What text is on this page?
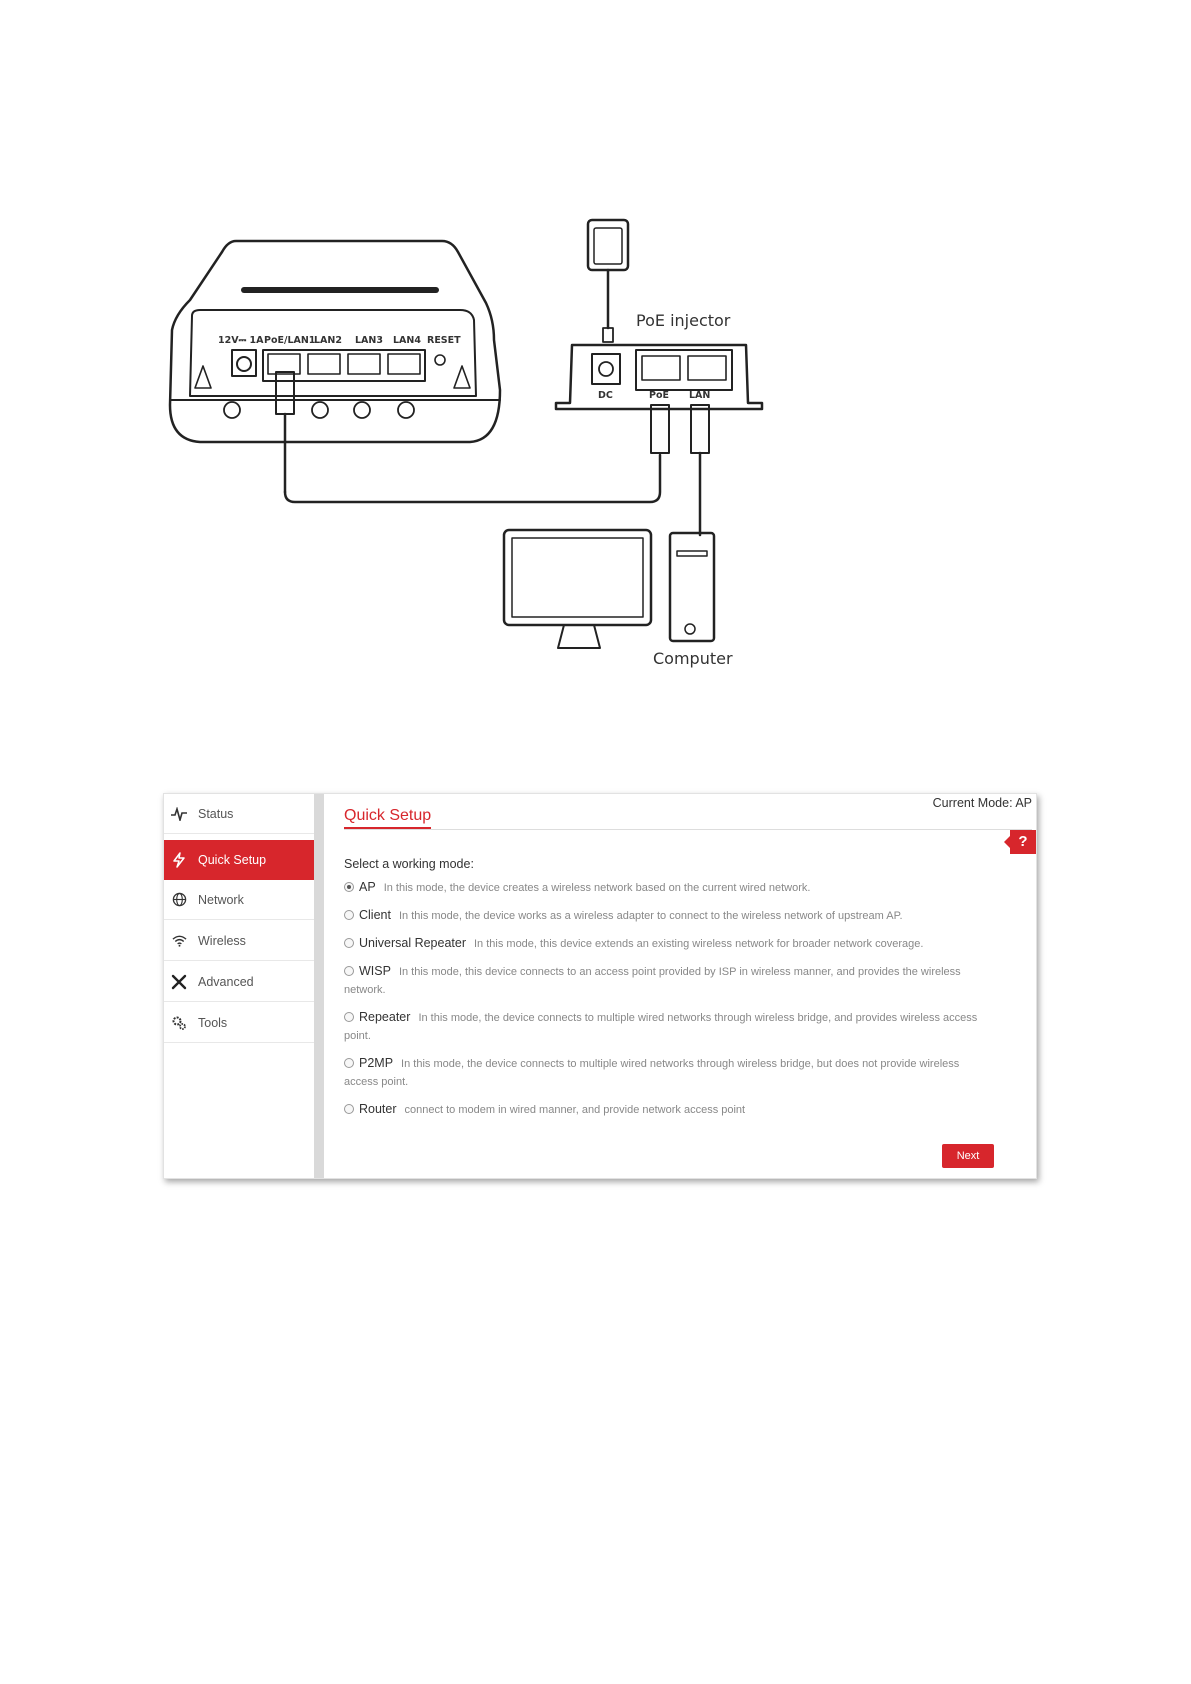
12V⎓ 1A PoE/LAN1
LAN2 LAN3 LAN4 RESET
DC	PoE LAN
PoE injector
Computer
Status
Quick Setup
Network
Wireless
Advanced
Tools
Current Mode: AP
Quick Setup
?
Select a working mode:
AP In this mode, the device creates a wireless network based on the current wired network.
Client In this mode, the device works as a wireless adapter to connect to the wireless network of upstream AP.
Universal Repeater In this mode, this device extends an existing wireless network for broader network coverage.
WISP In this mode, this device connects to an access point provided by ISP in wireless manner, and provides the wireless network.
Repeater In this mode, the device connects to multiple wired networks through wireless bridge, and provides wireless access point.
P2MP In this mode, the device connects to multiple wired networks through wireless bridge, but does not provide wireless access point.
Router connect to modem in wired manner, and provide network access point
Next
